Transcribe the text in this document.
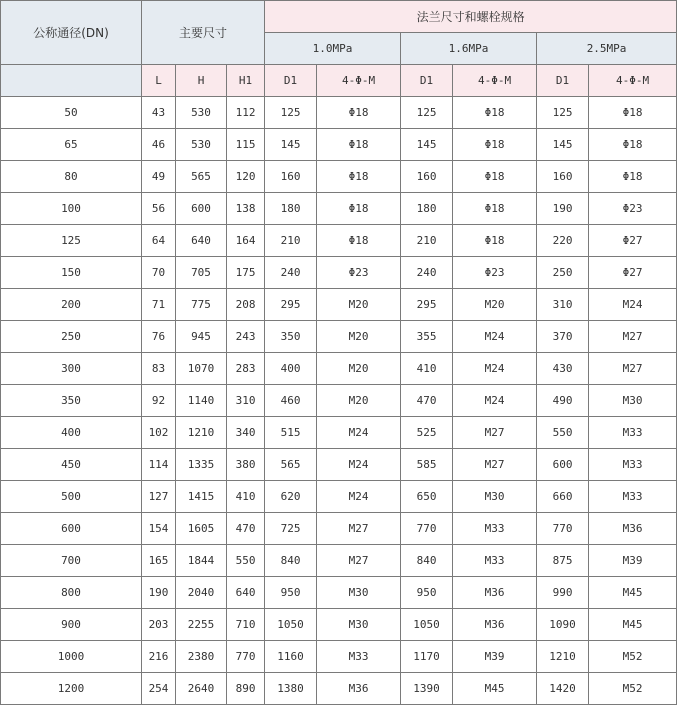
公称通径(DN)	主要尺寸			法兰尺寸和螺栓规格					
				1.0MPa		1.6MPa		2.5MPa	
	L	H	H1	D1	4-Φ-M	D1	4-Φ-M	D1	4-Φ-M
50	43	530	112	125	Φ18	125	Φ18	125	Φ18
65	46	530	115	145	Φ18	145	Φ18	145	Φ18
80	49	565	120	160	Φ18	160	Φ18	160	Φ18
100	56	600	138	180	Φ18	180	Φ18	190	Φ23
125	64	640	164	210	Φ18	210	Φ18	220	Φ27
150	70	705	175	240	Φ23	240	Φ23	250	Φ27
200	71	775	208	295	M20	295	M20	310	M24
250	76	945	243	350	M20	355	M24	370	M27
300	83	1070	283	400	M20	410	M24	430	M27
350	92	1140	310	460	M20	470	M24	490	M30
400	102	1210	340	515	M24	525	M27	550	M33
450	114	1335	380	565	M24	585	M27	600	M33
500	127	1415	410	620	M24	650	M30	660	M33
600	154	1605	470	725	M27	770	M33	770	M36
700	165	1844	550	840	M27	840	M33	875	M39
800	190	2040	640	950	M30	950	M36	990	M45
900	203	2255	710	1050	M30	1050	M36	1090	M45
1000	216	2380	770	1160	M33	1170	M39	1210	M52
1200	254	2640	890	1380	M36	1390	M45	1420	M52
